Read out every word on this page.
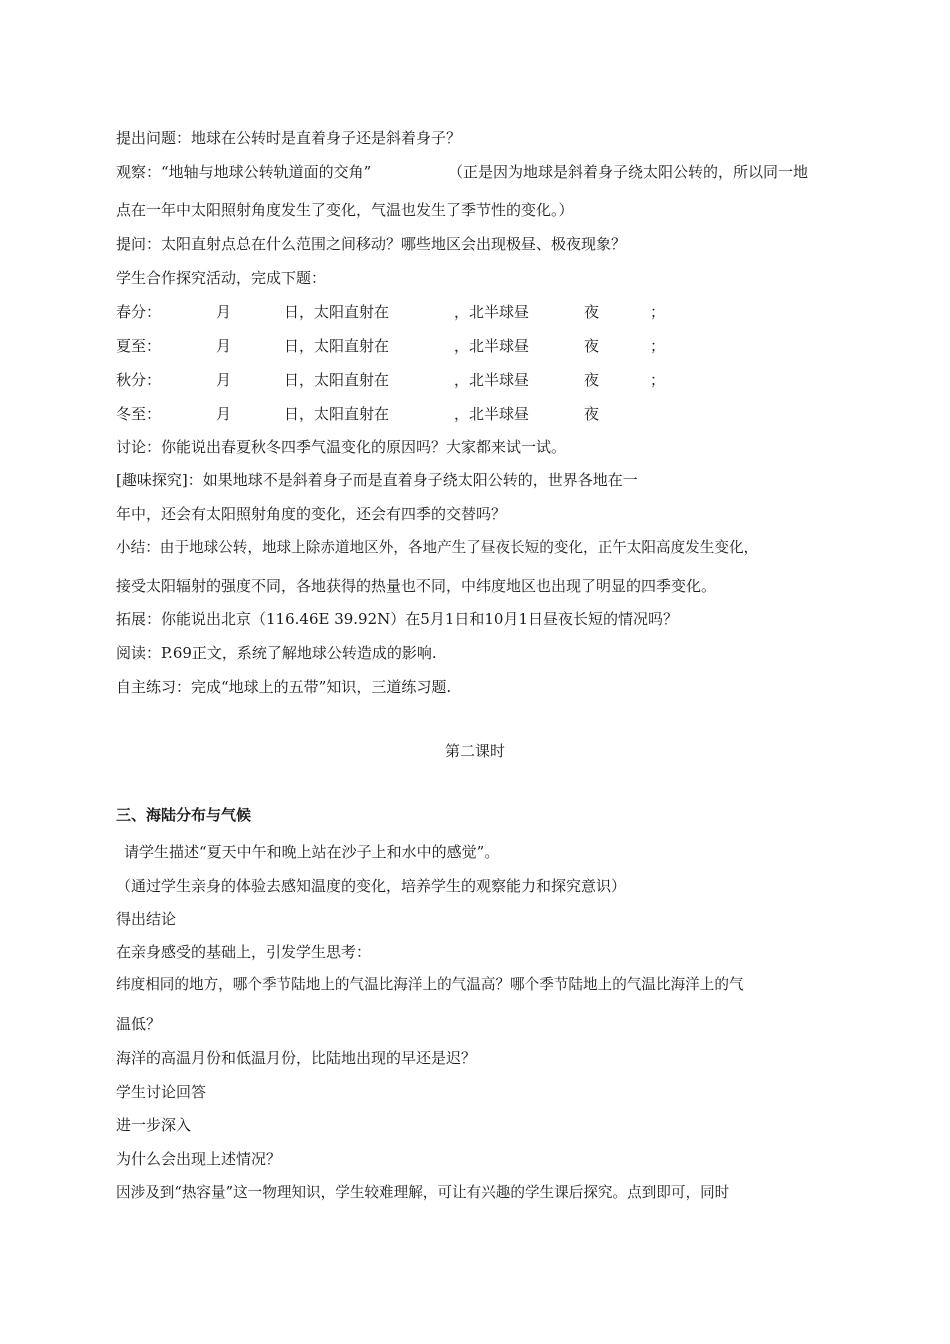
提出问题：地球在公转时是直着身子还是斜着身子？
观察：“地轴与地球公转轨道面的交角”	（正是因为地球是斜着身子绕太阳公转的，所以同一地
点在一年中太阳照射角度发生了变化，气温也发生了季节性的变化。）
提问：太阳直射点总在什么范围之间移动？哪些地区会出现极昼、极夜现象？
学生合作探究活动，完成下题：
春分：	月	日，太阳直射在	，北半球昼	夜	；
夏至：	月	日，太阳直射在	，北半球昼	夜	；
秋分：	月	日，太阳直射在	，北半球昼	夜	；
冬至：	月	日，太阳直射在	，北半球昼	夜
讨论：你能说出春夏秋冬四季气温变化的原因吗？大家都来试一试。
[趣味探究]：如果地球不是斜着身子而是直着身子绕太阳公转的，世界各地在一
年中，还会有太阳照射角度的变化，还会有四季的交替吗？
小结：由于地球公转，地球上除赤道地区外，各地产生了昼夜长短的变化，正午太阳高度发生变化，
接受太阳辐射的强度不同，各地获得的热量也不同，中纬度地区也出现了明显的四季变化。
拓展：你能说出北京（116.46E 39.92N）在5月1日和10月1日昼夜长短的情况吗？
阅读：P.69正文，系统了解地球公转造成的影响.
自主练习：完成“地球上的五带”知识，三道练习题.
第二课时
三、海陆分布与气候
请学生描述“夏天中午和晚上站在沙子上和水中的感觉”。
（通过学生亲身的体验去感知温度的变化，培养学生的观察能力和探究意识）
得出结论
在亲身感受的基础上，引发学生思考：
纬度相同的地方，哪个季节陆地上的气温比海洋上的气温高？哪个季节陆地上的气温比海洋上的气
温低？
海洋的高温月份和低温月份，比陆地出现的早还是迟？
学生讨论回答
进一步深入
为什么会出现上述情况？
因涉及到“热容量”这一物理知识，学生较难理解，可让有兴趣的学生课后探究。点到即可，同时
